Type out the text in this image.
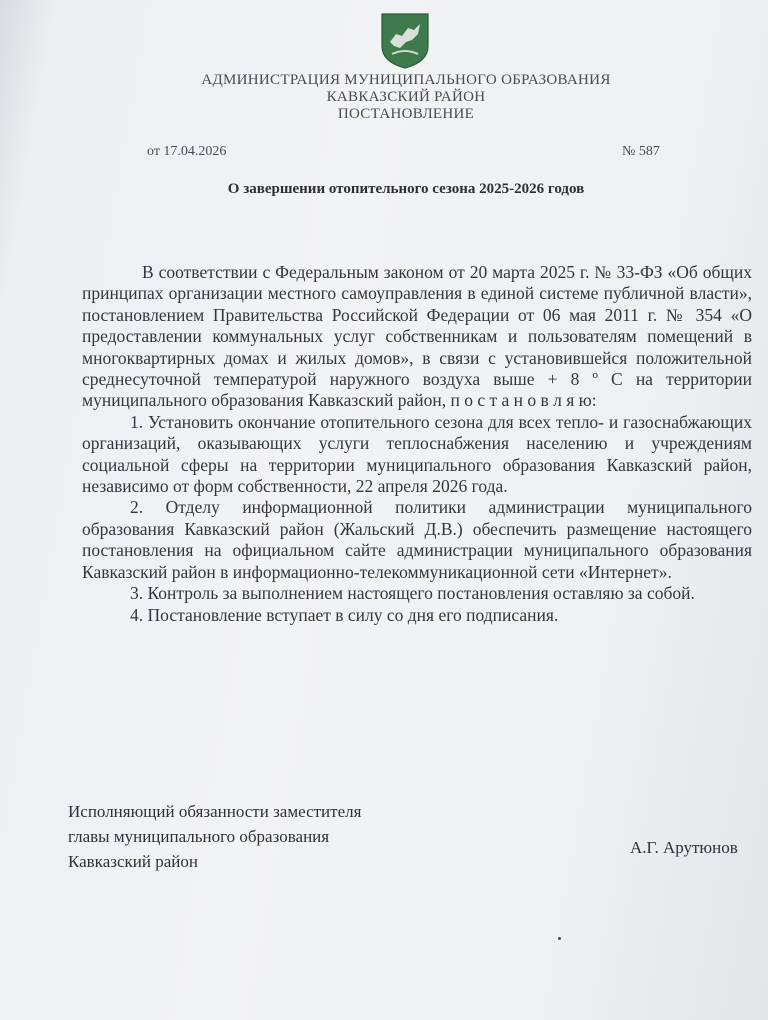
АДМИНИСТРАЦИЯ МУНИЦИПАЛЬНОГО ОБРАЗОВАНИЯ
КАВКАЗСКИЙ РАЙОН
ПОСТАНОВЛЕНИЕ
от 17.04.2026	№ 587
О завершении отопительного сезона 2025-2026 годов

В соответствии с Федеральным законом от 20 марта 2025 г. № 33-ФЗ «Об общих принципах организации местного самоуправления в единой системе публичной власти», постановлением Правительства Российской Федерации от 06 мая 2011 г. № 354 «О предоставлении коммунальных услуг собственникам и пользователям помещений в многоквартирных домах и жилых домов», в связи с установившейся положительной среднесуточной температурой наружного воздуха выше + 8 º С на территории муниципального образования Кавказский район, п о с т а н о в л я ю:

1. Установить окончание отопительного сезона для всех тепло- и газоснабжающих организаций, оказывающих услуги теплоснабжения населению и учреждениям социальной сферы на территории муниципального образования Кавказский район, независимо от форм собственности, 22 апреля 2026 года.

2. Отделу информационной политики администрации муниципального образования Кавказский район (Жальский Д.В.) обеспечить размещение настоящего постановления на официальном сайте администрации муниципального образования Кавказский район в информационно-телекоммуникационной сети «Интернет».

3. Контроль за выполнением настоящего постановления оставляю за собой.

4. Постановление вступает в силу со дня его подписания.

Исполняющий обязанности заместителя
главы муниципального образования
Кавказский район
А.Г. Арутюнов
